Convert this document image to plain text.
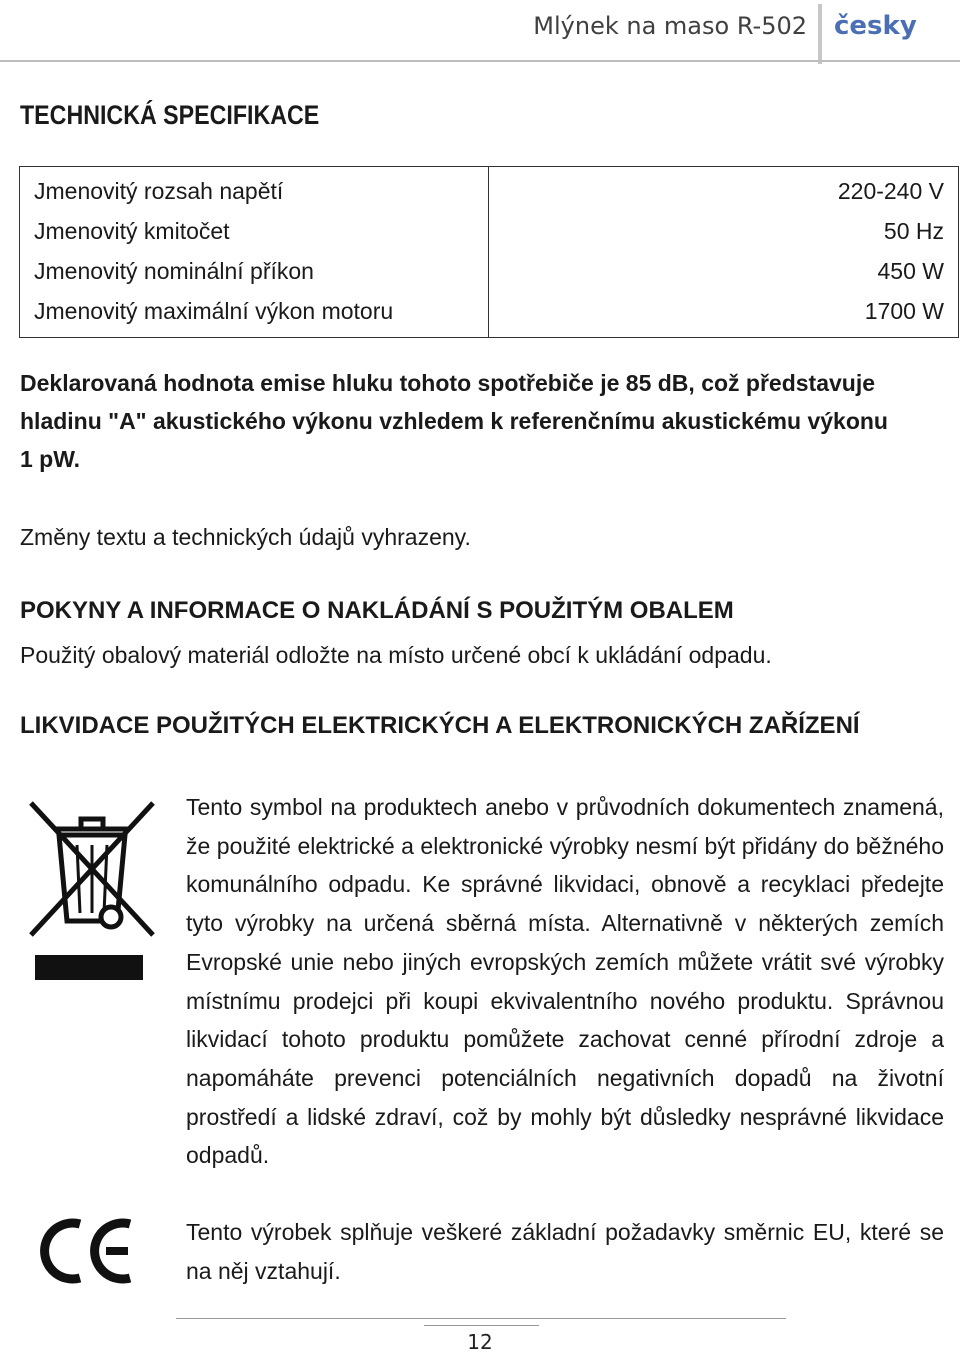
Mlýnek na maso R-502 česky
TECHNICKÁ SPECIFIKACE
Jmenovitý rozsah napětí	220-240 V
Jmenovitý kmitočet	50 Hz
Jmenovitý nominální příkon	450 W
Jmenovitý maximální výkon motoru	1700 W
Deklarovaná hodnota emise hluku tohoto spotřebiče je 85 dB, což představuje
hladinu "A" akustického výkonu vzhledem k referenčnímu akustickému výkonu
1 pW.
Změny textu a technických údajů vyhrazeny.
POKYNY A INFORMACE O NAKLÁDÁNÍ S POUŽITÝM OBALEM
Použitý obalový materiál odložte na místo určené obcí k ukládání odpadu.
LIKVIDACE POUŽITÝCH ELEKTRICKÝCH A ELEKTRONICKÝCH ZAŘÍZENÍ
Tento symbol na produktech anebo v průvodních dokumentech znamená, že použité elektrické a elektronické výrobky nesmí být přidány do běžného komunálního odpadu. Ke správné likvidaci, obnově a recyklaci předejte tyto výrobky na určená sběrná místa. Alternativně v některých zemích Evropské unie nebo jiných evropských zemích můžete vrátit své výrobky místnímu prodejci při koupi ekvivalentního nového produktu. Správnou likvidací tohoto produktu pomůžete zachovat cenné přírodní zdroje a napomáháte prevenci potenciálních negativních dopadů na životní prostředí a lidské zdraví, což by mohly být důsledky nesprávné likvidace odpadů.
Tento výrobek splňuje veškeré základní požadavky směrnic EU, které se na něj vztahují.
12
